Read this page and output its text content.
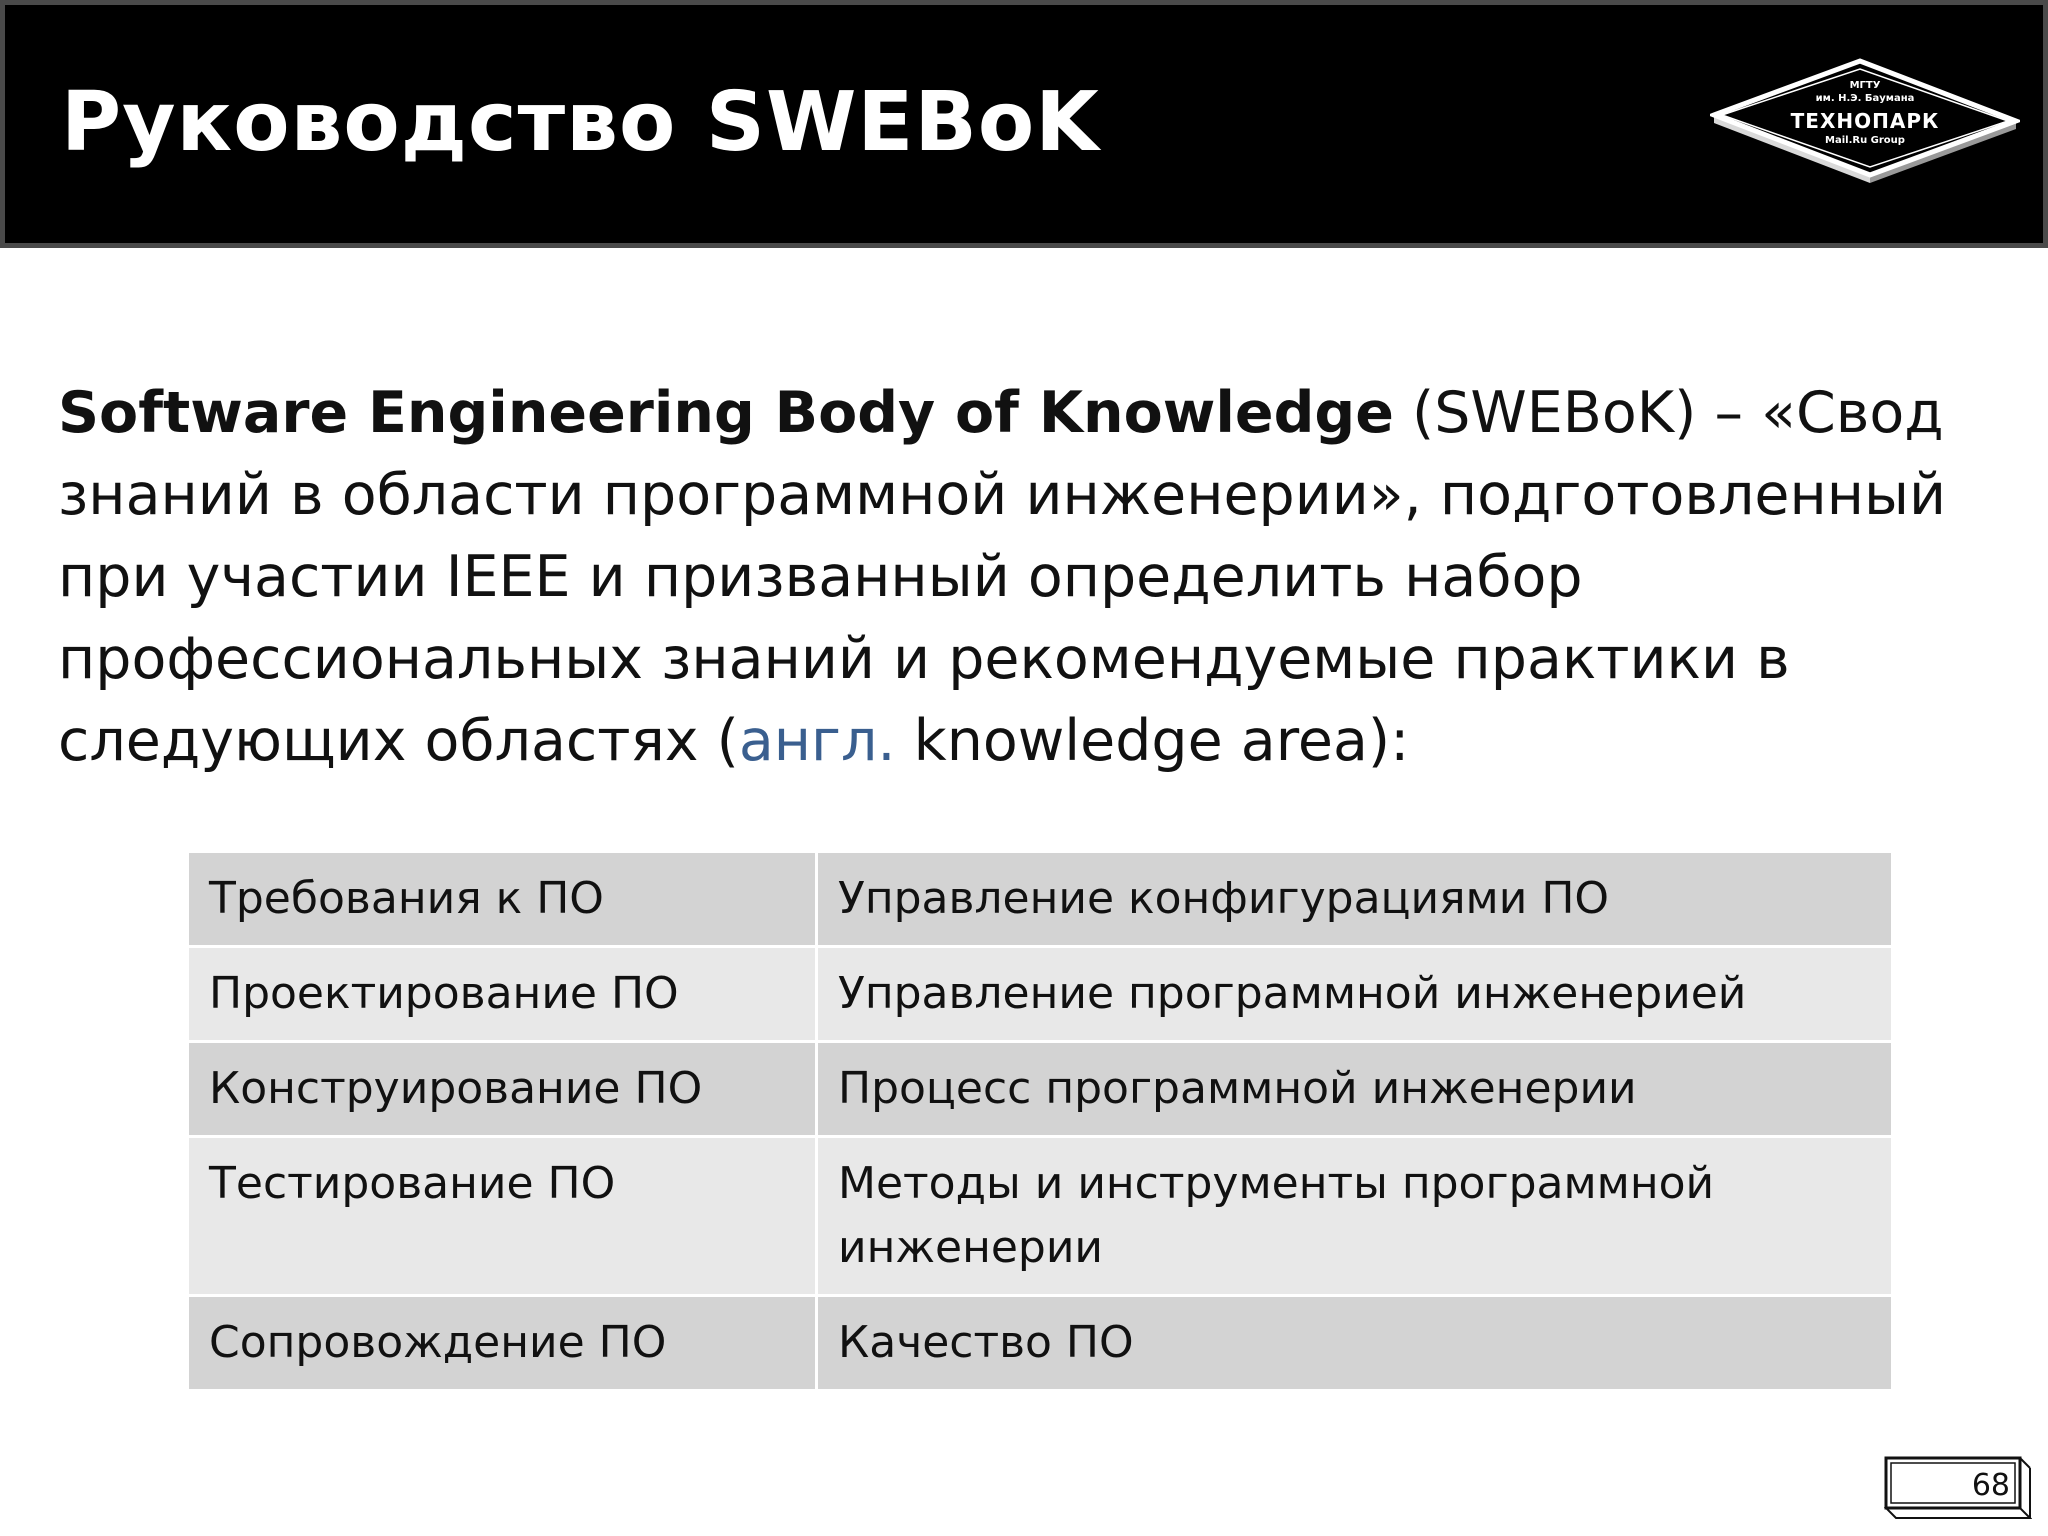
Руководство SWEBoK	МГТУ
им. Н.Э. Баумана
ТЕХНОПАРК
Mail.Ru Group
Software Engineering Body of Knowledge (SWEBoK) – «Свод знаний в области программной инженерии», подготовленный при участии IEEE и призванный определить набор профессиональных знаний и рекомендуемые практики в следующих областях (англ. knowledge area):
Требования к ПО	Управление конфигурациями ПО
Проектирование ПО	Управление программной инженерией
Конструирование ПО	Процесс программной инженерии
Тестирование ПО	Методы и инструменты программной инженерии
Сопровождение ПО	Качество ПО
68
